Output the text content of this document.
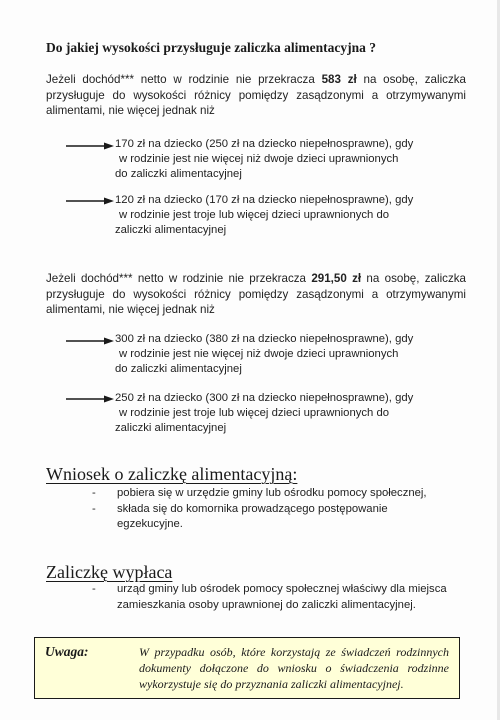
Do jakiej wysokości przysługuje zaliczka alimentacyjna ?
Jeżeli dochód*** netto w rodzinie nie przekracza 583 zł na osobę, zaliczka przysługuje do wysokości różnicy pomiędzy zasądzonymi a otrzymywanymi alimentami, nie więcej jednak niż
170 zł na dziecko (250 zł na dziecko niepełnosprawne), gdy
w rodzinie jest nie więcej niż dwoje dzieci uprawnionych
do zaliczki alimentacyjnej
120 zł na dziecko (170 zł na dziecko niepełnosprawne), gdy
w rodzinie jest troje lub więcej dzieci uprawnionych do
zaliczki alimentacyjnej
Jeżeli dochód*** netto w rodzinie nie przekracza 291,50 zł na osobę, zaliczka przysługuje do wysokości różnicy pomiędzy zasądzonymi a otrzymywanymi alimentami, nie więcej jednak niż
300 zł na dziecko (380 zł na dziecko niepełnosprawne), gdy
w rodzinie jest nie więcej niż dwoje dzieci uprawnionych
do zaliczki alimentacyjnej
250 zł na dziecko (300 zł na dziecko niepełnosprawne), gdy
w rodzinie jest troje lub więcej dzieci uprawnionych do
zaliczki alimentacyjnej
Wniosek o zaliczkę alimentacyjną:
- pobiera się w urzędzie gminy lub ośrodku pomocy społecznej,
- składa się do komornika prowadzącego postępowanie egzekucyjne.
Zaliczkę wypłaca
- urząd gminy lub ośrodek pomocy społecznej właściwy dla miejsca zamieszkania osoby uprawnionej do zaliczki alimentacyjnej.
Uwaga:	W przypadku osób, które korzystają ze świadczeń rodzinnych dokumenty dołączone do wniosku o świadczenia rodzinne wykorzystuje się do przyznania zaliczki alimentacyjnej.
